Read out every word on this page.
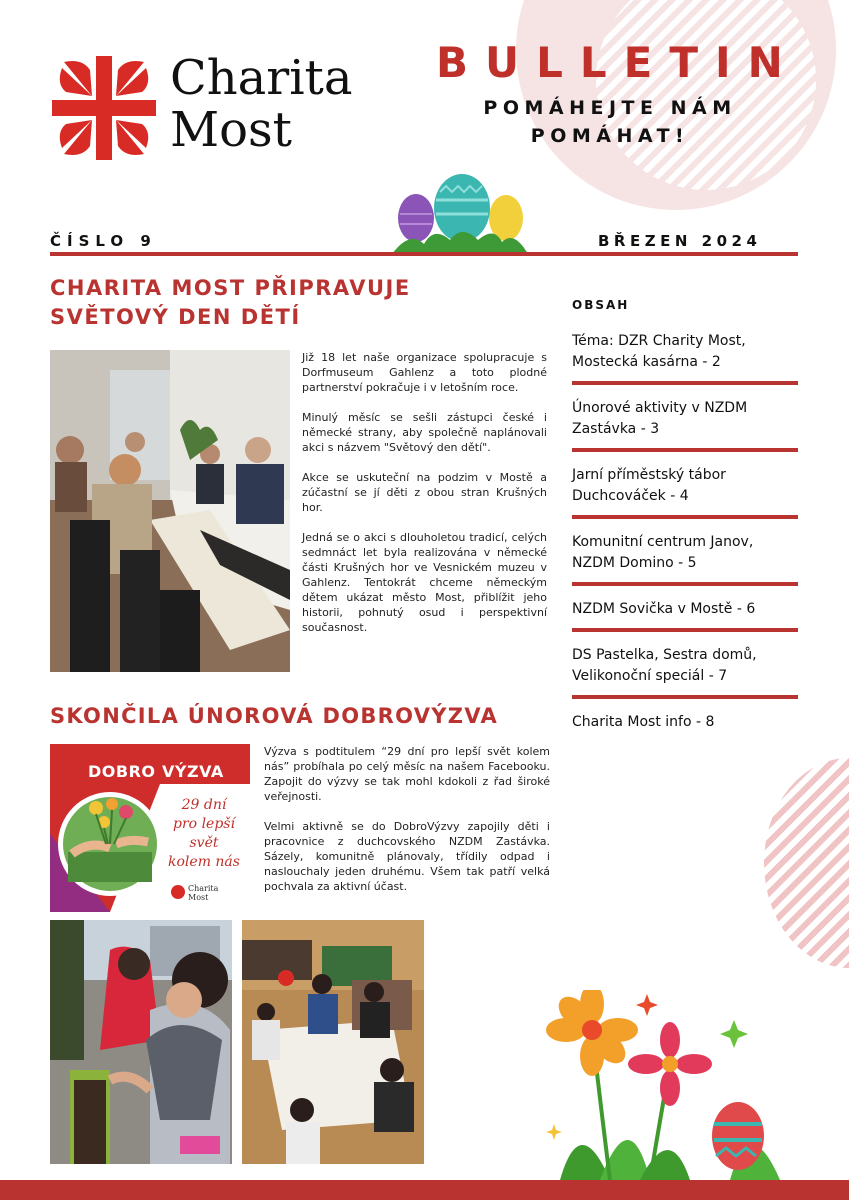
Charita
Most
BULLETIN
POMÁHEJTE NÁM POMÁHAT!
ČÍSLO 9	BŘEZEN 2024
CHARITA MOST PŘIPRAVUJE SVĚTOVÝ DEN DĚTÍ

Již 18 let naše organizace spolupracuje s Dorfmuseum Gahlenz a toto plodné partnerství pokračuje i v letošním roce.

Minulý měsíc se sešli zástupci české i německé strany, aby společně naplánovali akci s názvem "Světový den dětí".

Akce se uskuteční na podzim v Mostě a zúčastní se jí děti z obou stran Krušných hor.

Jedná se o akci s dlouholetou tradicí, celých sedmnáct let byla realizována v německé části Krušných hor ve Vesnickém muzeu v Gahlenz. Tentokrát chceme německým dětem ukázat město Most, přiblížit jeho historii, pohnutý osud i perspektivní současnost.

SKONČILA ÚNOROVÁ DOBROVÝZVA
DOBRO VÝZVA
29 dní
pro lepší svět
kolem nás
Charita
Most

Výzva s podtitulem “29 dní pro lepší svět kolem nás” probíhala po celý měsíc na našem Facebooku. Zapojit do výzvy se tak mohl kdokoli z řad široké veřejnosti.

Velmi aktivně se do DobroVýzvy zapojily děti i pracovnice z duchcovského NZDM Zastávka. Sázely, komunitně plánovaly, třídily odpad i naslouchaly jeden druhému. Všem tak patří velká pochvala za aktivní účast.

OBSAH
Téma: DZR Charity Most, Mostecká kasárna - 2
Únorové aktivity v NZDM Zastávka - 3
Jarní příměstský tábor Duchcováček - 4
Komunitní centrum Janov, NZDM Domino - 5
NZDM Sovička v Mostě - 6
DS Pastelka, Sestra domů, Velikonoční speciál - 7
Charita Most info - 8
